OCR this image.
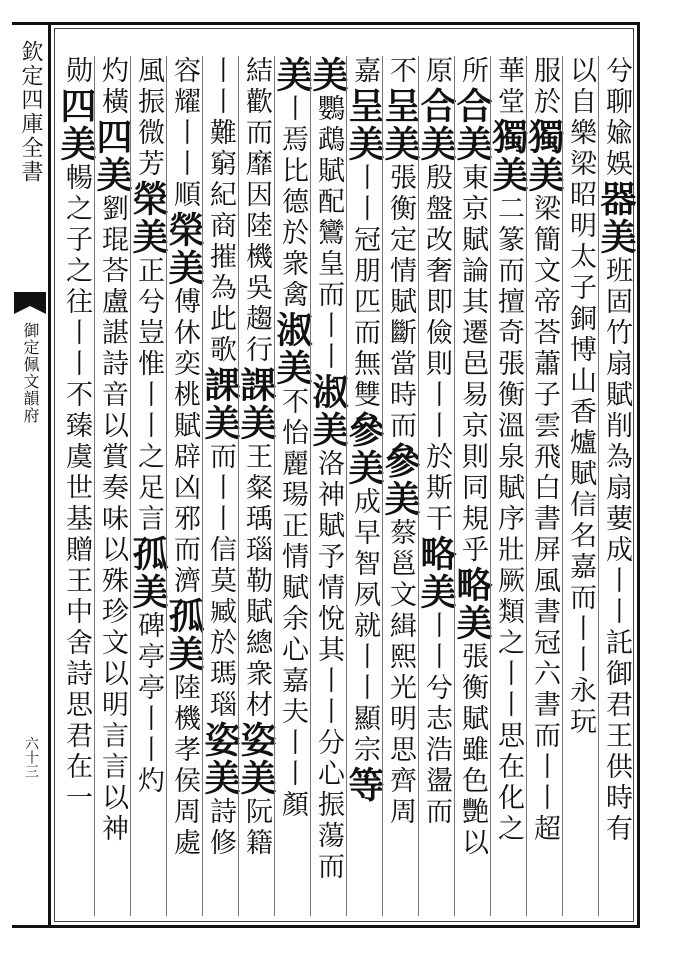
欽定四庫全書
御定佩文韻府
六十三
兮聊婾娛器美班固竹扇賦削為扇葽成丨丨託御君王供時有
以自樂梁昭明太子銅博山香爐賦信名嘉而丨丨永玩
服於獨美梁簡文帝荅蕭子雲飛白書屏風書冠六書而丨丨超
華堂獨美二篆而擅奇張衡溫泉賦序壯厥類之丨丨思在化之
所合美東京賦論其遷邑易京則同規乎略美張衡賦雖色艷以
原合美殷盤改奢即儉則丨丨於斯干略美丨丨兮志浩盪而
不呈美張衡定情賦斷當時而參美蔡邕文緝熙光明思齊周
嘉呈美丨丨冠朋匹而無雙參美成早智夙就丨丨顯宗等
美鸚鵡賦配鸞皇而丨丨淑美洛神賦予情悅其丨丨分心振蕩而
美丨焉比德於衆禽淑美不怡麗瑒正情賦余心嘉夫丨丨顏
結歡而靡因陸機吳趨行課美王粲瑀瑙勒賦總衆材姿美阮籍
丨丨難窮紀商摧為此歌課美而丨丨信莫臧於瑪瑙姿美詩修
容耀丨丨順榮美傅休奕桃賦辟凶邪而濟孤美陸機孝侯周處
風振微芳榮美正兮豈惟丨丨之足言孤美碑亭亭丨丨灼
灼橫四美劉琨荅盧諶詩音以賞奏味以殊珍文以明言言以神
勋四美暢之子之往丨丨不臻虞世基贈王中舍詩思君在一
